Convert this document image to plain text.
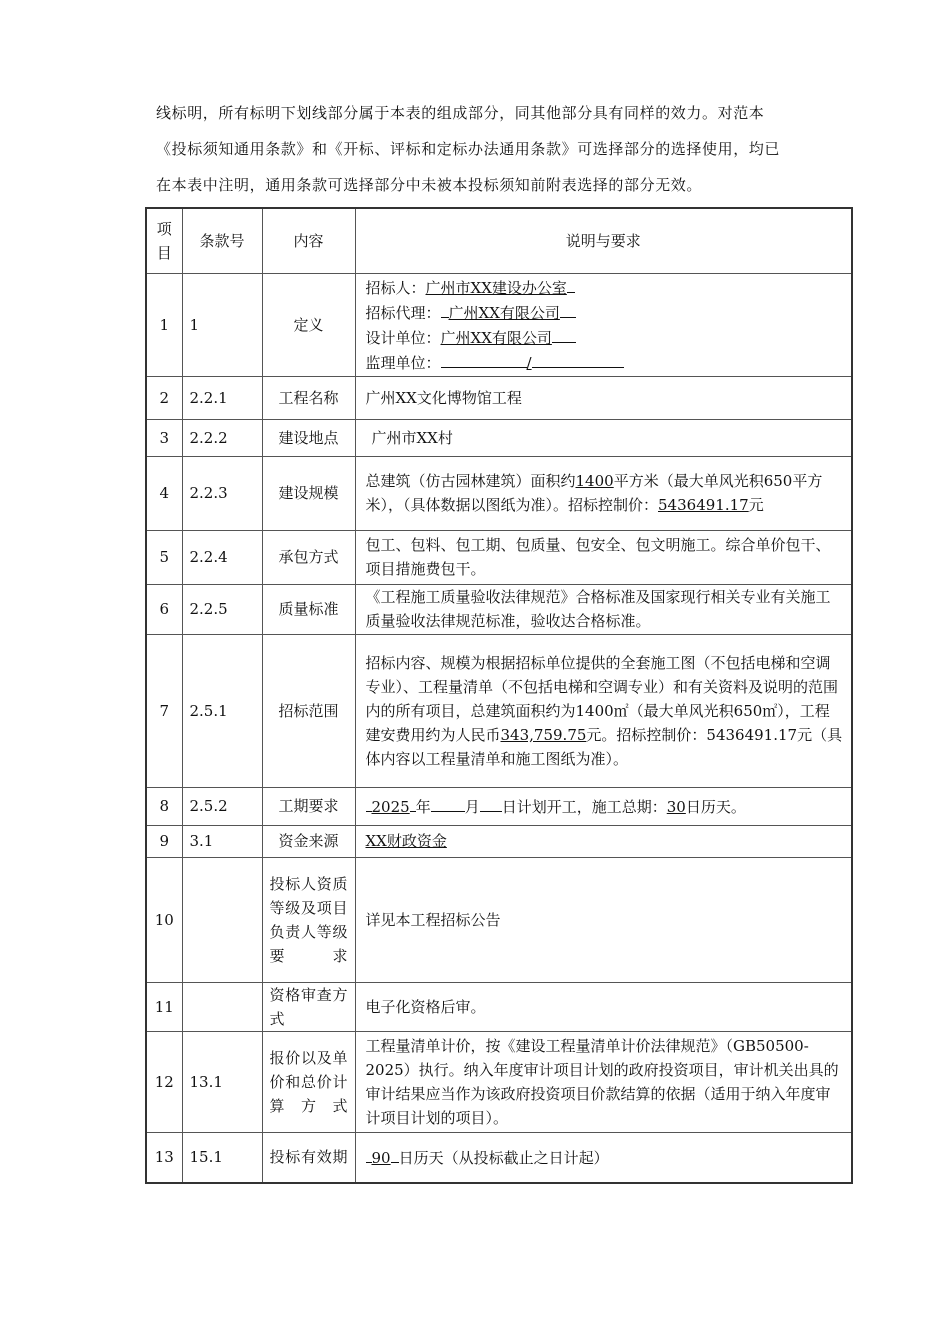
线标明，所有标明下划线部分属于本表的组成部分，同其他部分具有同样的效力。对范本

《投标须知通用条款》和《开标、评标和定标办法通用条款》可选择部分的选择使用，均已

在本表中注明，通用条款可选择部分中未被本投标须知前附表选择的部分无效。

项目	条款号	内容	说明与要求
1	1	定义	招标人：广州市XX建设办公室
招标代理： 广州XX有限公司
设计单位：广州XX有限公司
监理单位： /

2	2.2.1	工程名称	广州XX文化博物馆工程
3	2.2.2	建设地点	广州市XX村
4	2.2.3	建设规模	总建筑（仿古园林建筑）面积约1400平方米（最大单风光积650平方米），（具体数据以图纸为准）。招标控制价：5436491.17元
5	2.2.4	承包方式	包工、包料、包工期、包质量、包安全、包文明施工。综合单价包干、项目措施费包干。
6	2.2.5	质量标准	《工程施工质量验收法律规范》合格标准及国家现行相关专业有关施工质量验收法律规范标准，验收达合格标准。
7	2.5.1	招标范围	招标内容、规模为根据招标单位提供的全套施工图（不包括电梯和空调专业）、工程量清单（不包括电梯和空调专业）和有关资料及说明的范围内的所有项目，总建筑面积约为1400㎡（最大单风光积650㎡），工程建安费用约为人民币343,759.75元。招标控制价：5436491.17元（具体内容以工程量清单和施工图纸为准）。
8	2.5.2	工期要求	2025 年 月 日计划开工，施工总期：30日历天。
9	3.1	资金来源	XX财政资金
10		投标人资质等级及项目负责人等级要求	详见本工程招标公告
11		资格审查方式	电子化资格后审。
12	13.1	报价以及单价和总价计算方式	工程量清单计价，按《建设工程量清单计价法律规范》（GB50500-2025）执行。纳入年度审计项目计划的政府投资项目，审计机关出具的审计结果应当作为该政府投资项目价款结算的依据（适用于纳入年度审计项目计划的项目）。
13	15.1	投标有效期	90 日历天（从投标截止之日计起）
